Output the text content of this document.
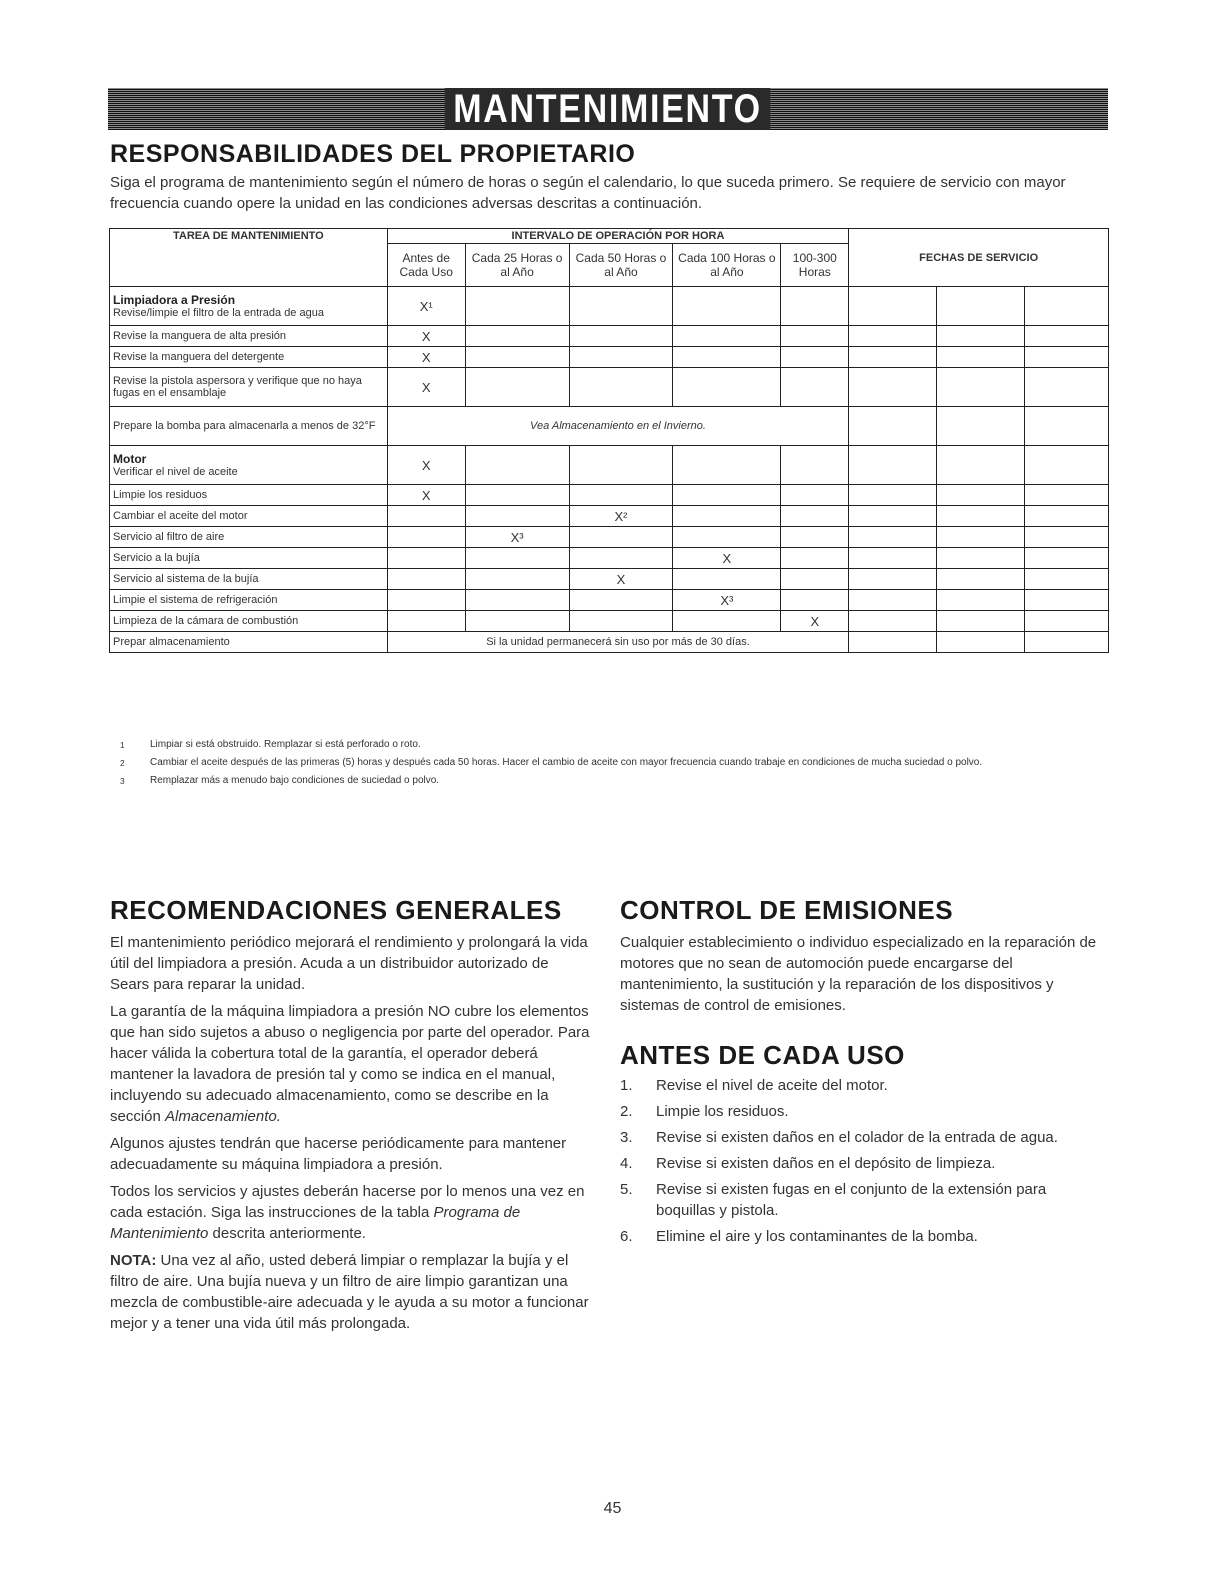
MANTENIMIENTO
RESPONSABILIDADES DEL PROPIETARIO
Siga el programa de mantenimiento según el número de horas o según el calendario, lo que suceda primero. Se requiere de servicio con mayor frecuencia cuando opere la unidad en las condiciones adversas descritas a continuación.
TAREA DE MANTENIMIENTO	INTERVALO DE OPERACIÓN POR HORA					FECHAS DE SERVICIO		
	Antes de Cada Uso	Cada 25 Horas o al Año	Cada 50 Horas o al Año	Cada 100 Horas o al Año	100-300 Horas			

Limpiadora a Presión
Revise/limpie el filtro de la entrada de agua	X¹							

Revise la manguera de alta presión	X							

Revise la manguera del detergente	X							

Revise la pistola aspersora y verifique que no haya fugas en el ensamblaje	X							

Prepare la bomba para almacenarla a menos de 32°F	Vea Almacenamiento en el Invierno.							

Motor
Verificar el nivel de aceite	X							

Limpie los residuos	X							

Cambiar el aceite del motor			X²					

Servicio al filtro de aire		X³						

Servicio a la bujía				X				

Servicio al sistema de la bujía			X					

Limpie el sistema de refrigeración				X³				

Limpieza de la cámara de combustión					X			

Prepar almacenamiento	Si la unidad permanecerá sin uso por más de 30 días.							
1	Limpiar si está obstruido. Remplazar si está perforado o roto.
2	Cambiar el aceite después de las primeras (5) horas y después cada 50 horas. Hacer el cambio de aceite con mayor frecuencia cuando trabaje en condiciones de mucha suciedad o polvo.
3	Remplazar más a menudo bajo condiciones de suciedad o polvo.
RECOMENDACIONES GENERALES

El mantenimiento periódico mejorará el rendimiento y prolongará la vida útil del limpiadora a presión. Acuda a un distribuidor autorizado de Sears para reparar la unidad.

La garantía de la máquina limpiadora a presión NO cubre los elementos que han sido sujetos a abuso o negligencia por parte del operador. Para hacer válida la cobertura total de la garantía, el operador deberá mantener la lavadora de presión tal y como se indica en el manual, incluyendo su adecuado almacenamiento, como se describe en la sección Almacenamiento.

Algunos ajustes tendrán que hacerse periódicamente para mantener adecuadamente su máquina limpiadora a presión.

Todos los servicios y ajustes deberán hacerse por lo menos una vez en cada estación. Siga las instrucciones de la tabla Programa de Mantenimiento descrita anteriormente.

NOTA: Una vez al año, usted deberá limpiar o remplazar la bujía y el filtro de aire. Una bujía nueva y un filtro de aire limpio garantizan una mezcla de combustible-aire adecuada y le ayuda a su motor a funcionar mejor y a tener una vida útil más prolongada.

CONTROL DE EMISIONES

Cualquier establecimiento o individuo especializado en la reparación de motores que no sean de automoción puede encargarse del mantenimiento, la sustitución y la reparación de los dispositivos y sistemas de control de emisiones.

ANTES DE CADA USO
1.	Revise el nivel de aceite del motor.
2.	Limpie los residuos.
3.	Revise si existen daños en el colador de la entrada de agua.
4.	Revise si existen daños en el depósito de limpieza.
5.	Revise si existen fugas en el conjunto de la extensión para boquillas y pistola.
6.	Elimine el aire y los contaminantes de la bomba.
45
